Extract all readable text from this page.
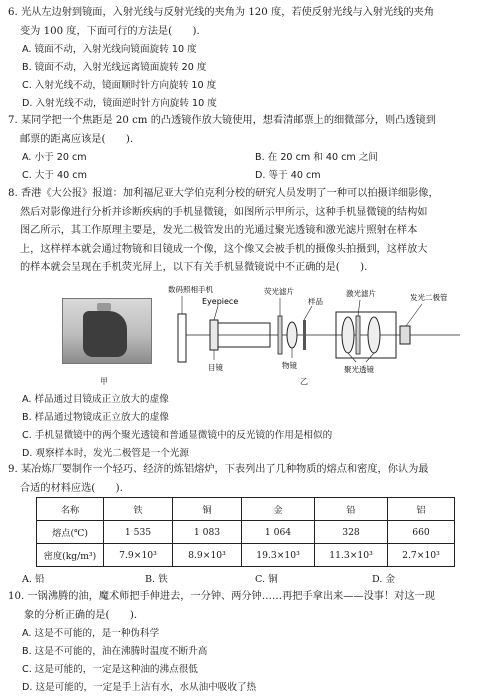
6. 光从左边射到镜面，入射光线与反射光线的夹角为 120 度，若使反射光线与入射光线的夹角
变为 100 度，下面可行的方法是(　　).
A. 镜面不动，入射光线向镜面旋转 10 度
B. 镜面不动，入射光线远离镜面旋转 20 度
C. 入射光线不动，镜面顺时针方向旋转 10 度
D. 入射光线不动，镜面逆时针方向旋转 10 度
7. 某同学把一个焦距是 20 cm 的凸透镜作放大镜使用，想看清邮票上的细微部分，则凸透镜到
邮票的距离应该是(　　).
A. 小于 20 cm	B. 在 20 cm 和 40 cm 之间
C. 大于 40 cm	D. 等于 40 cm
8. 香港《大公报》报道：加利福尼亚大学伯克利分校的研究人员发明了一种可以拍摄详细影像，
然后对影像进行分析并诊断疾病的手机显微镜，如图所示甲所示，这种手机显微镜的结构如
图乙所示，其工作原理主要是，发光二极管发出的光通过聚光透镜和激光滤片照射在样本
上，这样样本就会通过物镜和目镜成一个像，这个像又会被手机的摄像头拍摄到，这样放大
的样本就会呈现在手机荧光屏上，以下有关手机显微镜说中不正确的是(　　).
甲
数码照相手机
Eyepiece
荧光滤片
样品
激光滤片	发光二极管
目镜	物镜	聚光透镜
乙
A. 样品通过目镜成正立放大的虚像
B. 样品通过物镜成正立放大的虚像
C. 手机显微镜中的两个聚光透镜和普通显微镜中的反光镜的作用是相似的
D. 观察样本时，发光二极管是一个光源
9. 某冶炼厂要制作一个轻巧、经济的炼铝熔炉，下表列出了几种物质的熔点和密度，你认为最
合适的材料应选(　　).
名称	铁	铜	金	铅	铝
熔点(℃)	1 535	1 083	1 064	328	660
密度(kg/m³)	7.9×10³	8.9×10³	19.3×10³	11.3×10³	2.7×10³
A. 铅	B. 铁	C. 铜	D. 金
10. 一锅沸腾的油，魔术师把手伸进去，一分钟、两分钟……再把手拿出来——没事！对这一现
象的分析正确的是(　　).
A. 这是不可能的，是一种伪科学
B. 这是不可能的，油在沸腾时温度不断升高
C. 这是可能的，一定是这种油的沸点很低
D. 这是可能的，一定是手上沾有水，水从油中吸收了热
